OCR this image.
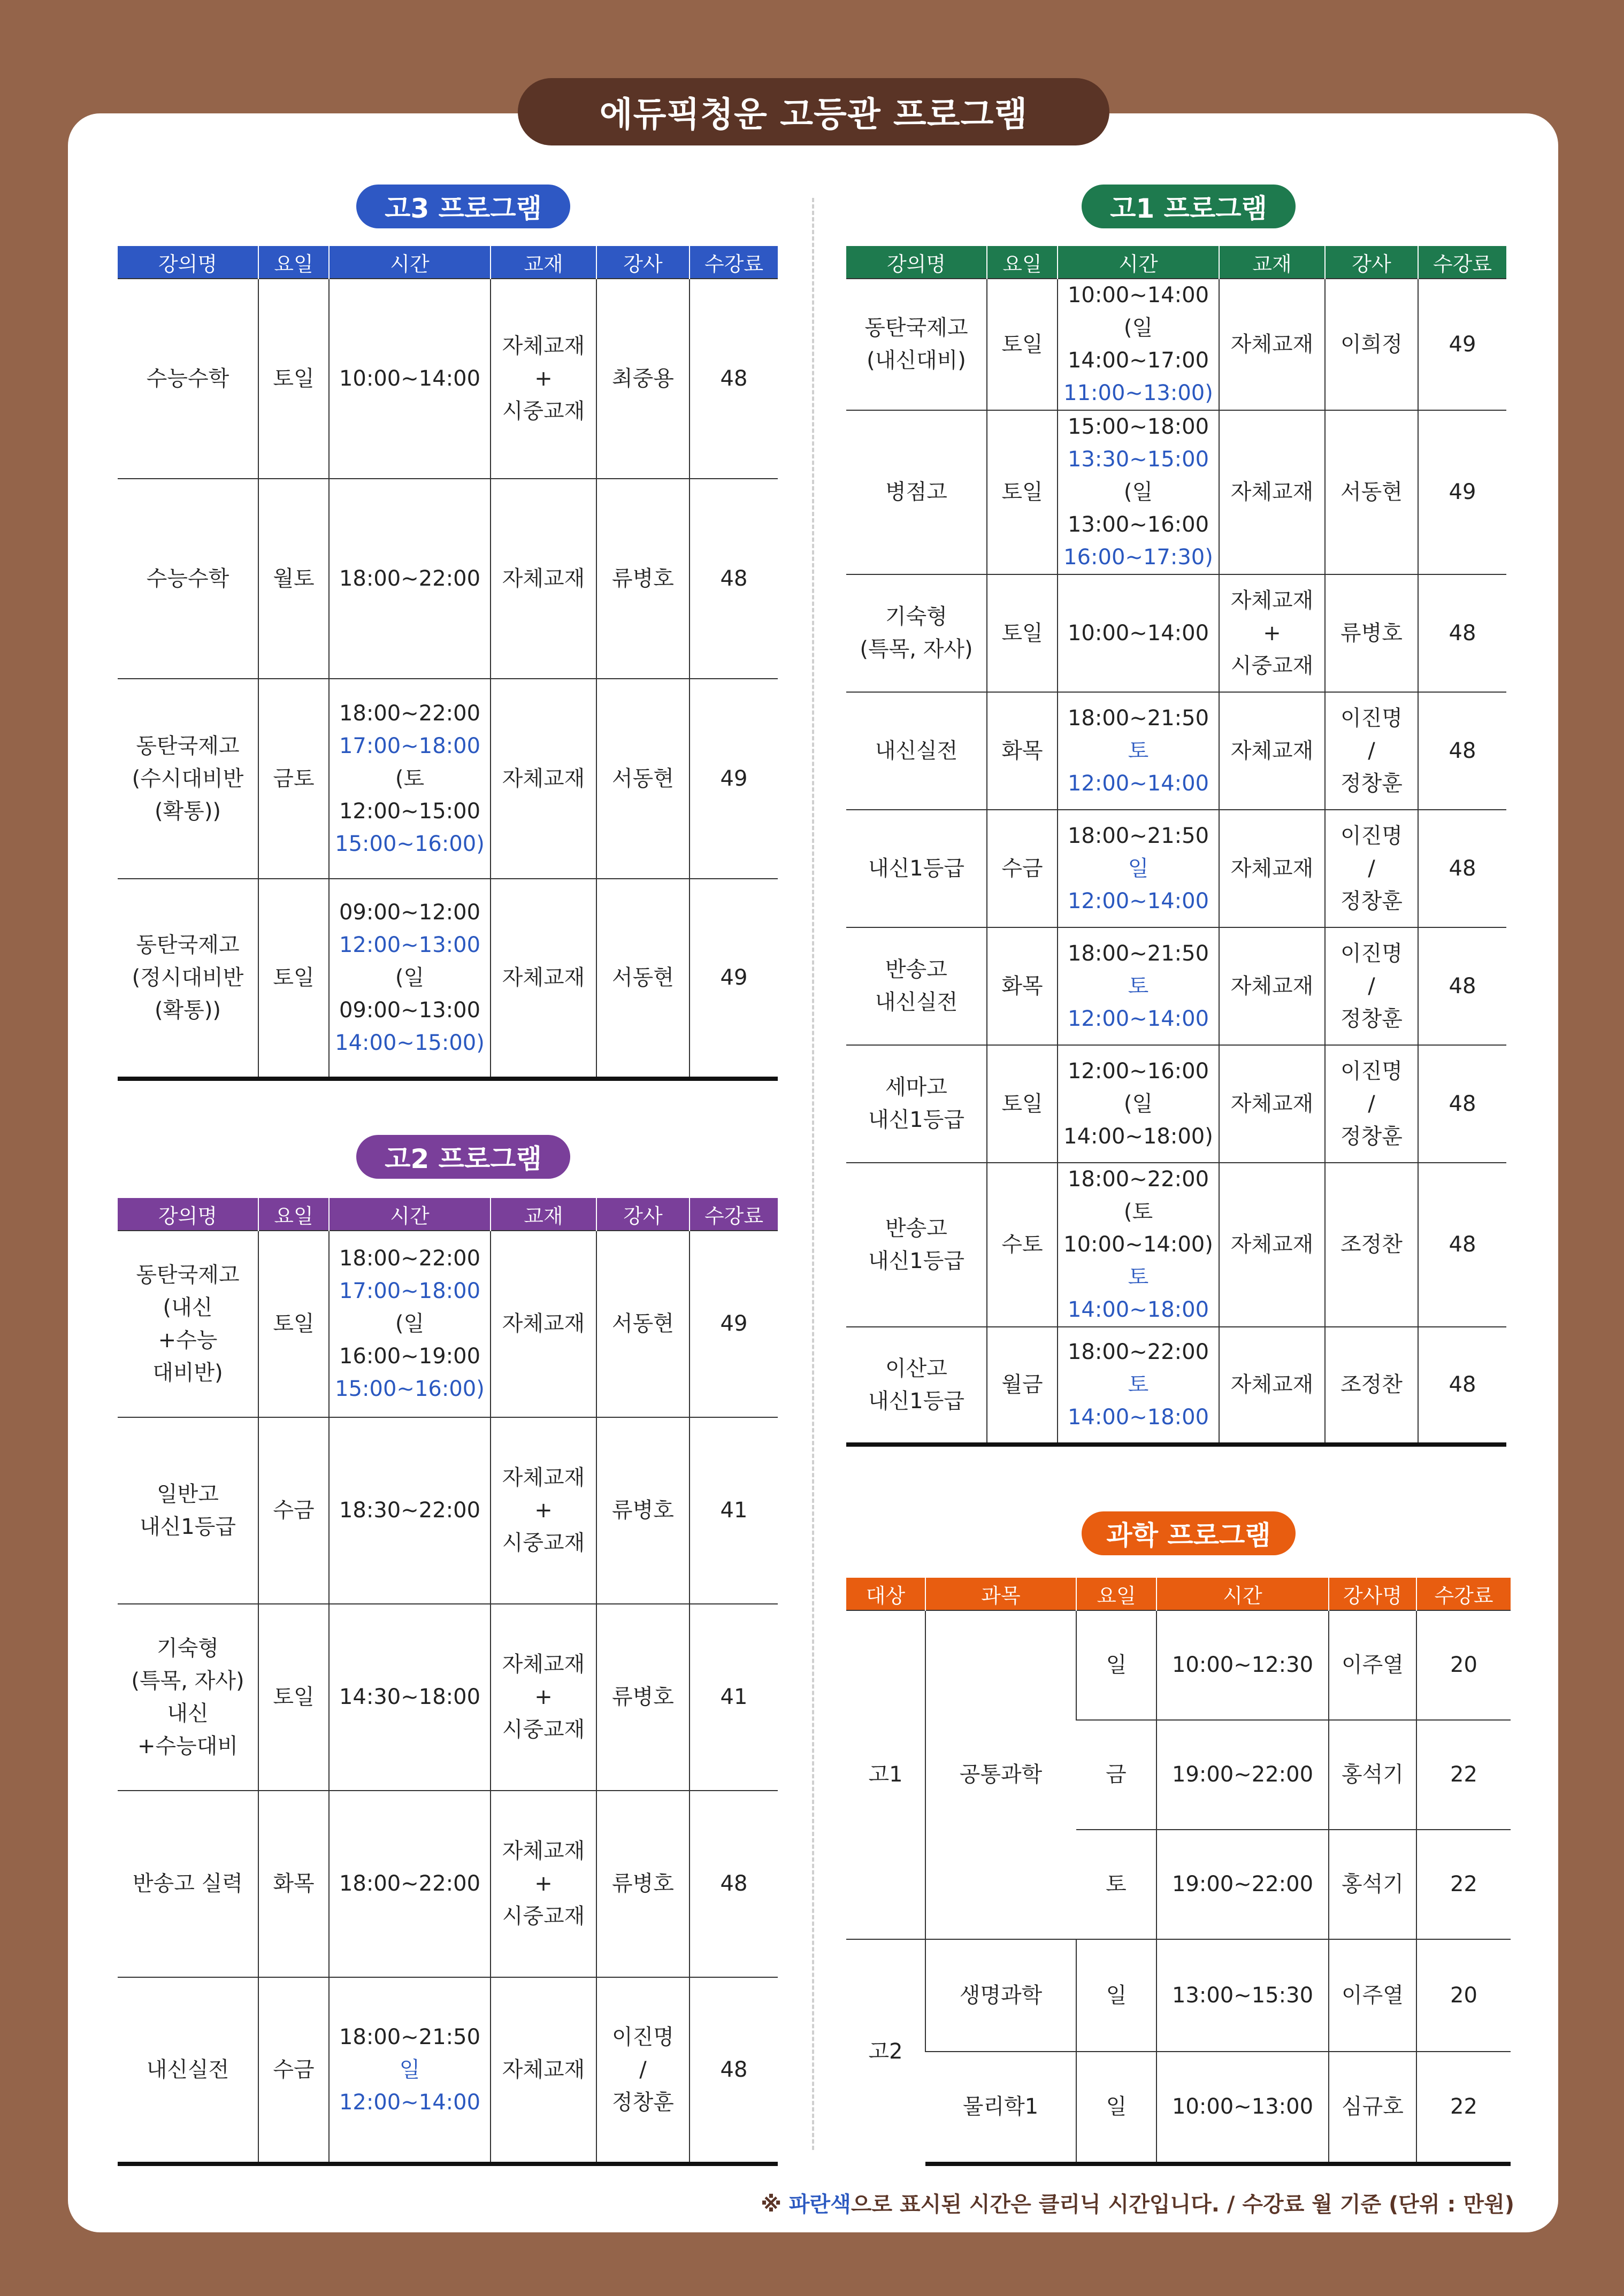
에듀픽청운 고등관 프로그램
고3 프로그램
강의명	요일	시간	교재	강사	수강료

수능수학	토일	10:00~14:00	자체교재
+
시중교재	최중용	48

수능수학	월토	18:00~22:00	자체교재	류병호	48

동탄국제고
(수시대비반
(확통))	금토	18:00~22:00
17:00~18:00
(토
12:00~15:00
15:00~16:00)	자체교재	서동현	49

동탄국제고
(정시대비반
(확통))	토일	09:00~12:00
12:00~13:00
(일
09:00~13:00
14:00~15:00)	자체교재	서동현	49
고2 프로그램
강의명	요일	시간	교재	강사	수강료

동탄국제고
(내신
+수능
대비반)	토일	18:00~22:00
17:00~18:00
(일
16:00~19:00
15:00~16:00)	자체교재	서동현	49

일반고
내신1등급	수금	18:30~22:00	자체교재
+
시중교재	류병호	41

기숙형
(특목, 자사)
내신
+수능대비	토일	14:30~18:00	자체교재
+
시중교재	류병호	41

반송고 실력	화목	18:00~22:00	자체교재
+
시중교재	류병호	48

내신실전	수금	18:00~21:50
일
12:00~14:00	자체교재	이진명
/
정창훈	48
고1 프로그램
강의명	요일	시간	교재	강사	수강료

동탄국제고
(내신대비)	토일	10:00~14:00
(일
14:00~17:00
11:00~13:00)	자체교재	이희정	49

병점고	토일	15:00~18:00
13:30~15:00
(일
13:00~16:00
16:00~17:30)	자체교재	서동현	49

기숙형
(특목, 자사)	토일	10:00~14:00	자체교재
+
시중교재	류병호	48

내신실전	화목	18:00~21:50
토
12:00~14:00	자체교재	이진명
/
정창훈	48

내신1등급	수금	18:00~21:50
일
12:00~14:00	자체교재	이진명
/
정창훈	48

반송고
내신실전	화목	18:00~21:50
토
12:00~14:00	자체교재	이진명
/
정창훈	48

세마고
내신1등급	토일	12:00~16:00
(일
14:00~18:00)	자체교재	이진명
/
정창훈	48

반송고
내신1등급	수토	18:00~22:00
(토
10:00~14:00)
토
14:00~18:00	자체교재	조정찬	48

이산고
내신1등급	월금	18:00~22:00
토
14:00~18:00	자체교재	조정찬	48
과학 프로그램
대상	과목	요일	시간	강사명	수강료
고1	공통과학	일	10:00~12:30	이주열	20
		금	19:00~22:00	홍석기	22
		토	19:00~22:00	홍석기	22
고2	생명과학	일	13:00~15:30	이주열	20
	물리학1	일	10:00~13:00	심규호	22
※ 파란색으로 표시된 시간은 클리닉 시간입니다. / 수강료 월 기준 (단위 : 만원)
